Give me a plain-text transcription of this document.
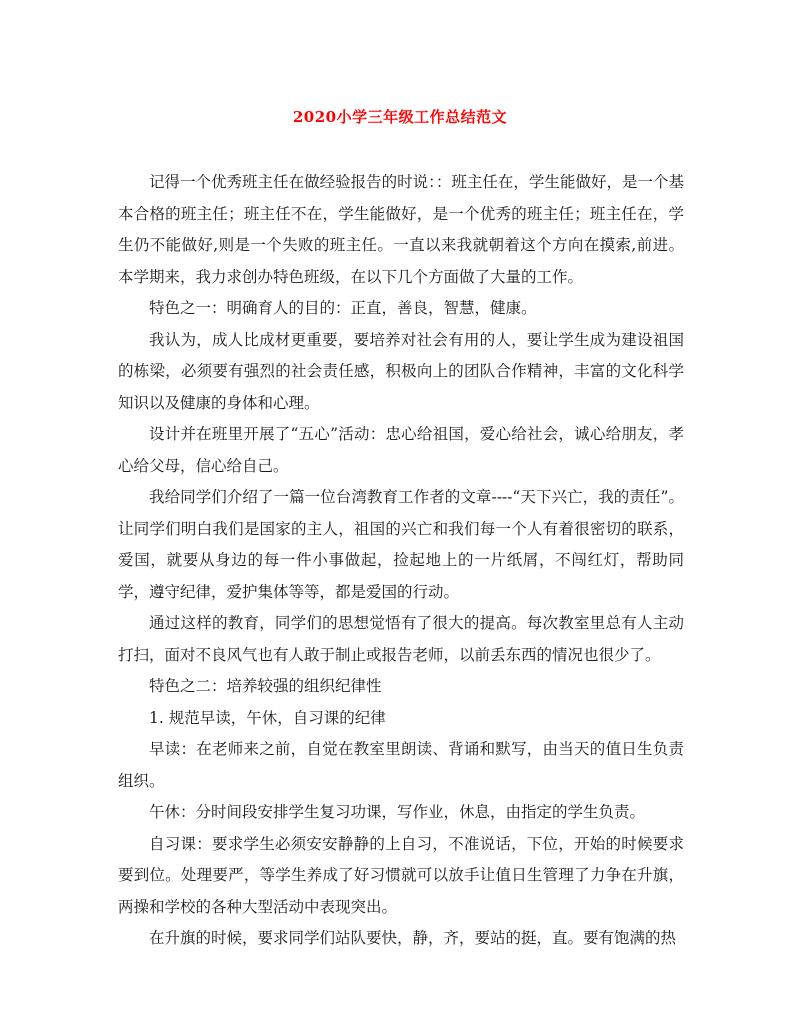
2020小学三年级工作总结范文

记得一个优秀班主任在做经验报告的时说：：班主任在，学生能做好，是一个基本合格的班主任；班主任不在，学生能做好，是一个优秀的班主任；班主任在，学生仍不能做好,则是一个失败的班主任。一直以来我就朝着这个方向在摸索,前进。本学期来，我力求创办特色班级，在以下几个方面做了大量的工作。

特色之一：明确育人的目的：正直，善良，智慧，健康。

我认为，成人比成材更重要，要培养对社会有用的人，要让学生成为建设祖国的栋梁，必须要有强烈的社会责任感，积极向上的团队合作精神，丰富的文化科学知识以及健康的身体和心理。

设计并在班里开展了“五心”活动：忠心给祖国，爱心给社会，诚心给朋友，孝心给父母，信心给自己。

我给同学们介绍了一篇一位台湾教育工作者的文章----“天下兴亡，我的责任”。让同学们明白我们是国家的主人，祖国的兴亡和我们每一个人有着很密切的联系，爱国，就要从身边的每一件小事做起，捡起地上的一片纸屑，不闯红灯，帮助同学，遵守纪律，爱护集体等等，都是爱国的行动。

通过这样的教育，同学们的思想觉悟有了很大的提高。每次教室里总有人主动打扫，面对不良风气也有人敢于制止或报告老师，以前丢东西的情况也很少了。

特色之二：培养较强的组织纪律性

1. 规范早读，午休，自习课的纪律

早读：在老师来之前，自觉在教室里朗读、背诵和默写，由当天的值日生负责组织。

午休：分时间段安排学生复习功课，写作业，休息，由指定的学生负责。

自习课：要求学生必须安安静静的上自习，不准说话，下位，开始的时候要求要到位。处理要严，等学生养成了好习惯就可以放手让值日生管理了力争在升旗，两操和学校的各种大型活动中表现突出。

在升旗的时候，要求同学们站队要快，静，齐，要站的挺，直。要有饱满的热
